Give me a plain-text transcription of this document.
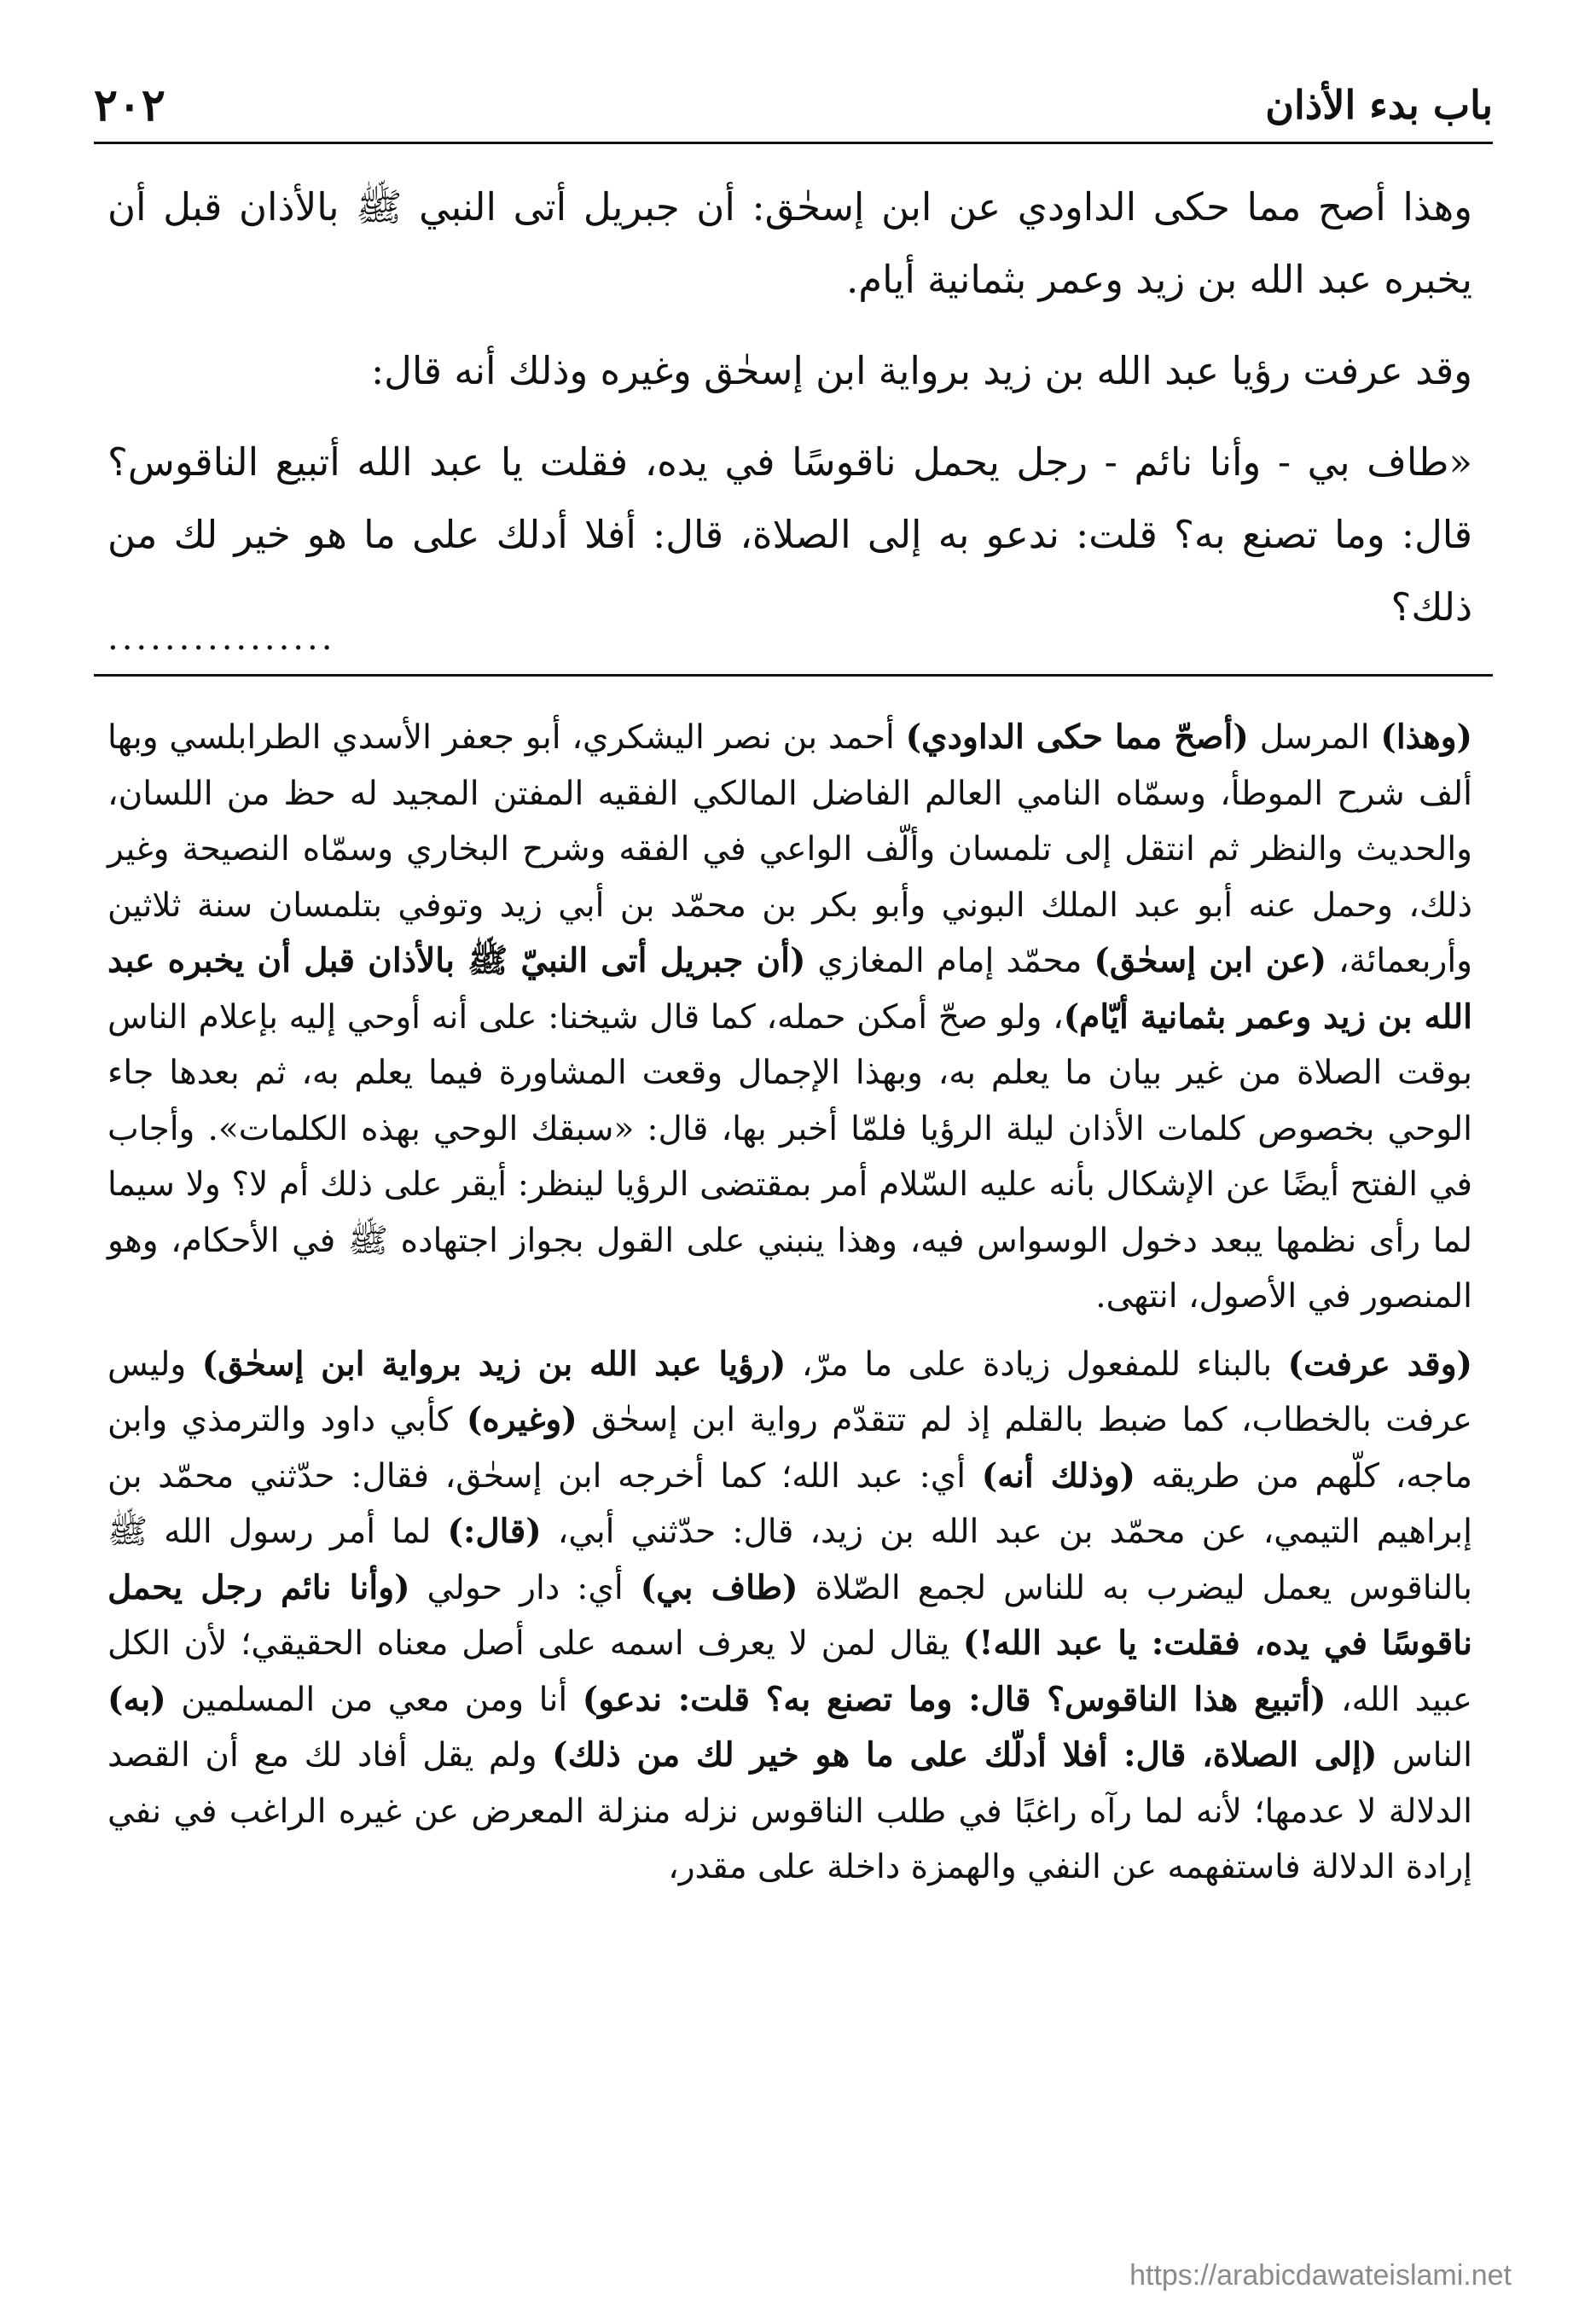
٢٠٢	باب بدء الأذان

وهذا أصح مما حكى الداودي عن ابن إسحٰق: أن جبريل أتى النبي ﷺ بالأذان قبل أن يخبره عبد الله بن زيد وعمر بثمانية أيام.

وقد عرفت رؤيا عبد الله بن زيد برواية ابن إسحٰق وغيره وذلك أنه قال:

«طاف بي - وأنا نائم - رجل يحمل ناقوسًا في يده، فقلت يا عبد الله أتبيع الناقوس؟ قال: وما تصنع به؟ قلت: ندعو به إلى الصلاة، قال: أفلا أدلك على ما هو خير لك من ذلك؟

................

(وهذا) المرسل (أصحّ مما حكى الداودي) أحمد بن نصر اليشكري، أبو جعفر الأسدي الطرابلسي وبها ألف شرح الموطأ، وسمّاه النامي العالم الفاضل المالكي الفقيه المفتن المجيد له حظ من اللسان، والحديث والنظر ثم انتقل إلى تلمسان وألّف الواعي في الفقه وشرح البخاري وسمّاه النصيحة وغير ذلك، وحمل عنه أبو عبد الملك البوني وأبو بكر بن محمّد بن أبي زيد وتوفي بتلمسان سنة ثلاثين وأربعمائة، (عن ابن إسحٰق) محمّد إمام المغازي (أن جبريل أتى النبيّ ﷺ بالأذان قبل أن يخبره عبد الله بن زيد وعمر بثمانية أيّام)، ولو صحّ أمكن حمله، كما قال شيخنا: على أنه أوحي إليه بإعلام الناس بوقت الصلاة من غير بيان ما يعلم به، وبهذا الإجمال وقعت المشاورة فيما يعلم به، ثم بعدها جاء الوحي بخصوص كلمات الأذان ليلة الرؤيا فلمّا أخبر بها، قال: «سبقك الوحي بهذه الكلمات». وأجاب في الفتح أيضًا عن الإشكال بأنه عليه السّلام أمر بمقتضى الرؤيا لينظر: أيقر على ذلك أم لا؟ ولا سيما لما رأى نظمها يبعد دخول الوسواس فيه، وهذا ينبني على القول بجواز اجتهاده ﷺ في الأحكام، وهو المنصور في الأصول، انتهى.

(وقد عرفت) بالبناء للمفعول زيادة على ما مرّ، (رؤيا عبد الله بن زيد برواية ابن إسحٰق) وليس عرفت بالخطاب، كما ضبط بالقلم إذ لم تتقدّم رواية ابن إسحٰق (وغيره) كأبي داود والترمذي وابن ماجه، كلّهم من طريقه (وذلك أنه) أي: عبد الله؛ كما أخرجه ابن إسحٰق، فقال: حدّثني محمّد بن إبراهيم التيمي، عن محمّد بن عبد الله بن زيد، قال: حدّثني أبي، (قال:) لما أمر رسول الله ﷺ بالناقوس يعمل ليضرب به للناس لجمع الصّلاة (طاف بي) أي: دار حولي (وأنا نائم رجل يحمل ناقوسًا في يده، فقلت: يا عبد الله!) يقال لمن لا يعرف اسمه على أصل معناه الحقيقي؛ لأن الكل عبيد الله، (أتبيع هذا الناقوس؟ قال: وما تصنع به؟ قلت: ندعو) أنا ومن معي من المسلمين (به) الناس (إلى الصلاة، قال: أفلا أدلّك على ما هو خير لك من ذلك) ولم يقل أفاد لك مع أن القصد الدلالة لا عدمها؛ لأنه لما رآه راغبًا في طلب الناقوس نزله منزلة المعرض عن غيره الراغب في نفي إرادة الدلالة فاستفهمه عن النفي والهمزة داخلة على مقدر،

https://arabicdawateislami.net
